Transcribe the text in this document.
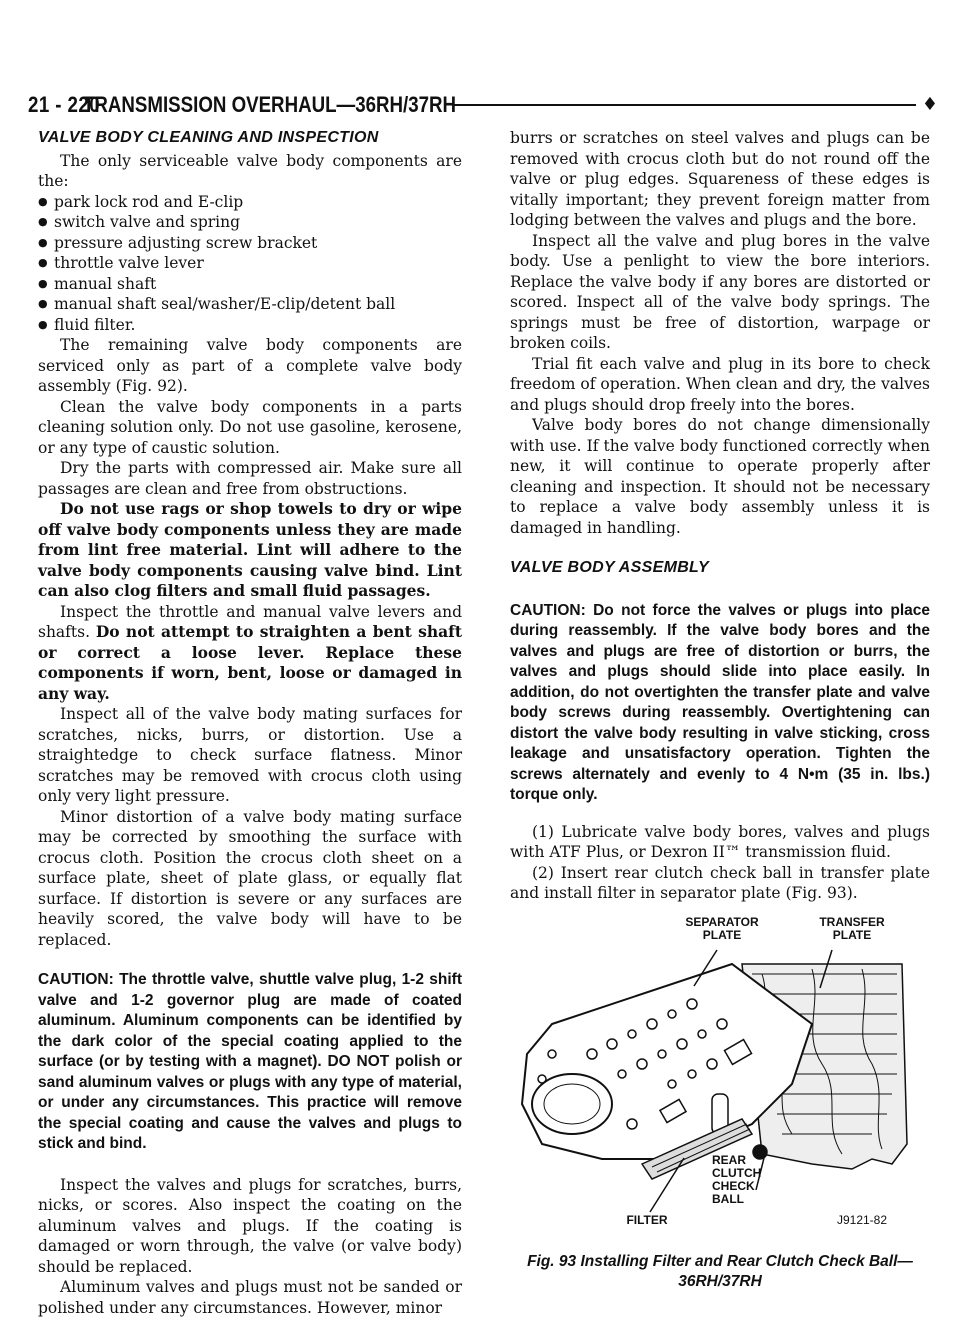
21 - 220
TRANSMISSION OVERHAUL—36RH/37RH	♦
VALVE BODY CLEANING AND INSPECTION

The only serviceable valve body components are the:

● park lock rod and E-clip
● switch valve and spring
● pressure adjusting screw bracket
● throttle valve lever
● manual shaft
● manual shaft seal/washer/E-clip/detent ball
● fluid filter.

The remaining valve body components are serviced only as part of a complete valve body assembly (Fig. 92).

Clean the valve body components in a parts cleaning solution only. Do not use gasoline, kerosene, or any type of caustic solution.

Dry the parts with compressed air. Make sure all passages are clean and free from obstructions.

Do not use rags or shop towels to dry or wipe off valve body components unless they are made from lint free material. Lint will adhere to the valve body components causing valve bind. Lint can also clog filters and small fluid passages.

Inspect the throttle and manual valve levers and shafts. Do not attempt to straighten a bent shaft or correct a loose lever. Replace these components if worn, bent, loose or damaged in any way.

Inspect all of the valve body mating surfaces for scratches, nicks, burrs, or distortion. Use a straightedge to check surface flatness. Minor scratches may be removed with crocus cloth using only very light pressure.

Minor distortion of a valve body mating surface may be corrected by smoothing the surface with crocus cloth. Position the crocus cloth sheet on a surface plate, sheet of plate glass, or equally flat surface. If distortion is severe or any surfaces are heavily scored, the valve body will have to be replaced.

CAUTION: The throttle valve, shuttle valve plug, 1-2 shift valve and 1-2 governor plug are made of coated aluminum. Aluminum components can be identified by the dark color of the special coating applied to the surface (or by testing with a magnet). DO NOT polish or sand aluminum valves or plugs with any type of material, or under any circumstances. This practice will remove the special coating and cause the valves and plugs to stick and bind.

Inspect the valves and plugs for scratches, burrs, nicks, or scores. Also inspect the coating on the aluminum valves and plugs. If the coating is damaged or worn through, the valve (or valve body) should be replaced.

Aluminum valves and plugs must not be sanded or polished under any circumstances. However, minor

burrs or scratches on steel valves and plugs can be removed with crocus cloth but do not round off the valve or plug edges. Squareness of these edges is vitally important; they prevent foreign matter from lodging between the valves and plugs and the bore.

Inspect all the valve and plug bores in the valve body. Use a penlight to view the bore interiors. Replace the valve body if any bores are distorted or scored. Inspect all of the valve body springs. The springs must be free of distortion, warpage or broken coils.

Trial fit each valve and plug in its bore to check freedom of operation. When clean and dry, the valves and plugs should drop freely into the bores.

Valve body bores do not change dimensionally with use. If the valve body functioned correctly when new, it will continue to operate properly after cleaning and inspection. It should not be necessary to replace a valve body assembly unless it is damaged in handling.

VALVE BODY ASSEMBLY

CAUTION: Do not force the valves or plugs into place during reassembly. If the valve body bores and the valves and plugs are free of distortion or burrs, the valves and plugs should slide into place easily. In addition, do not overtighten the transfer plate and valve body screws during reassembly. Overtightening can distort the valve body resulting in valve sticking, cross leakage and unsatisfactory operation. Tighten the screws alternately and evenly to 4 N•m (35 in. lbs.) torque only.

(1) Lubricate valve body bores, valves and plugs with ATF Plus, or Dexron II™ transmission fluid.

(2) Insert rear clutch check ball in transfer plate and install filter in separator plate (Fig. 93).

SEPARATOR
PLATE
TRANSFER
PLATE
REAR
CLUTCH
CHECK
BALL
FILTER	J9121-82
Fig. 93 Installing Filter and Rear Clutch Check Ball—36RH/37RH
